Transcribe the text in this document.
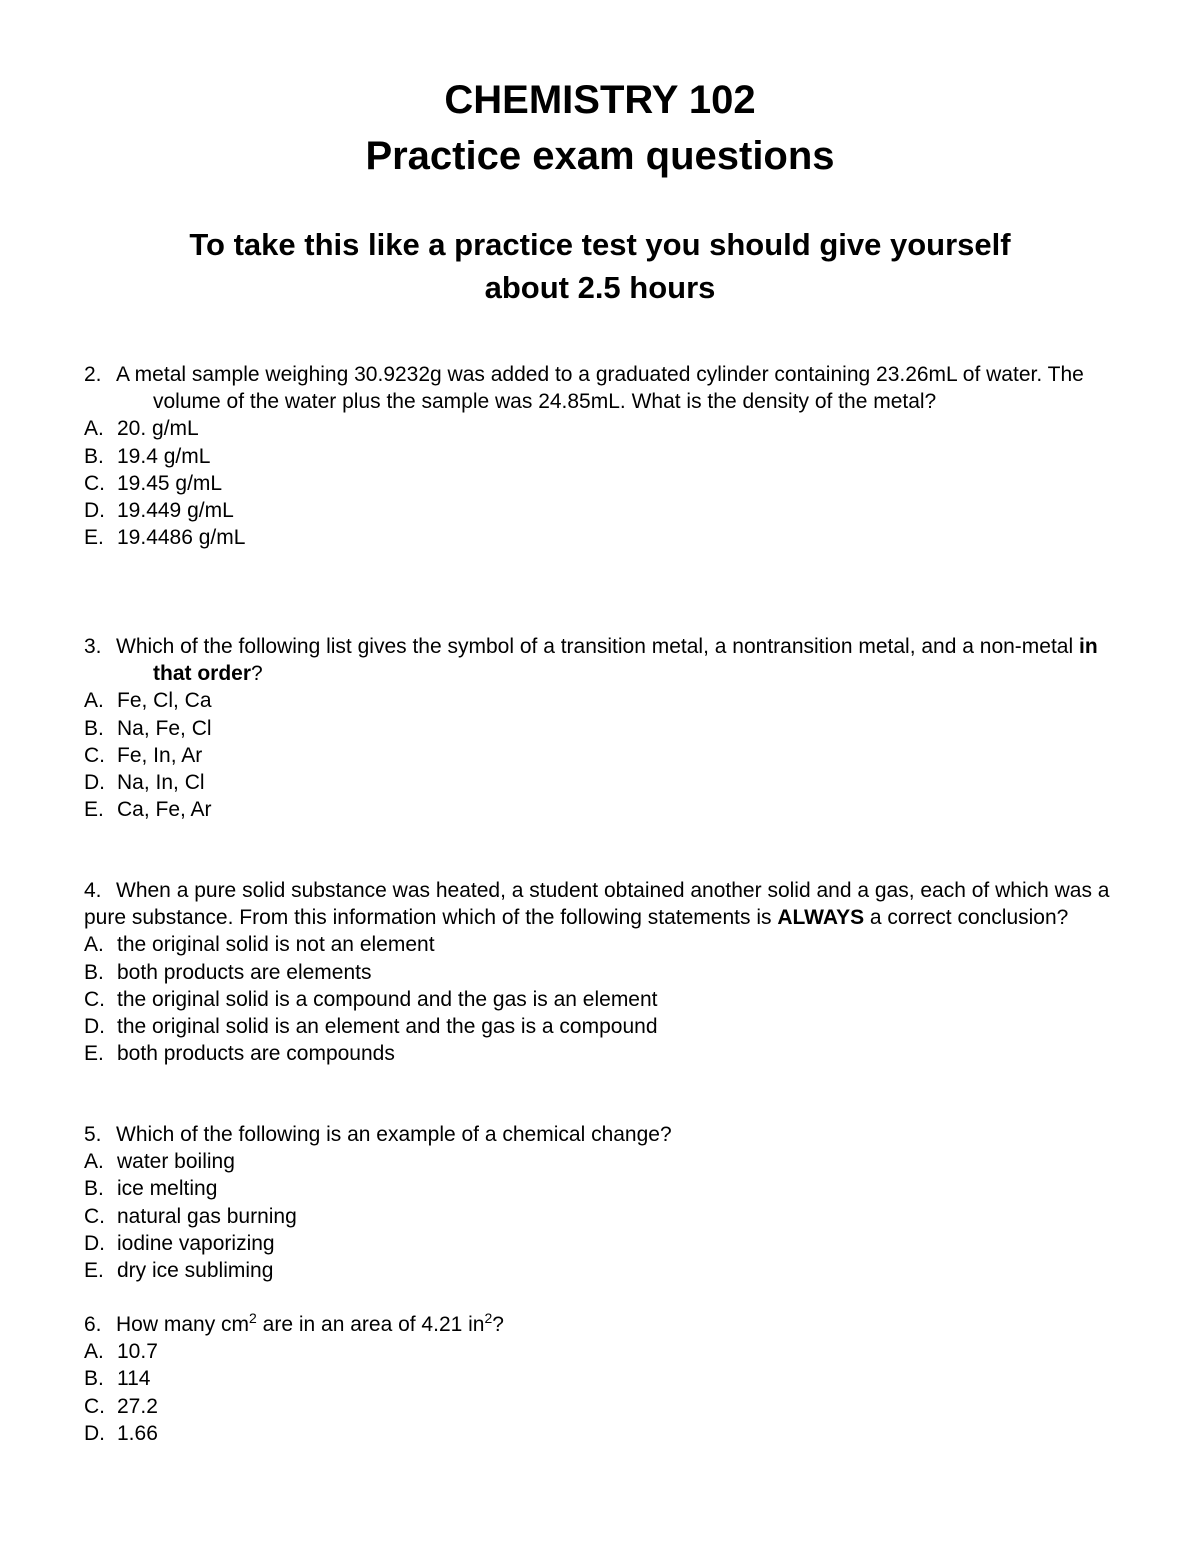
CHEMISTRY 102
Practice exam questions
To take this like a practice test you should give yourself
about 2.5 hours
2. A metal sample weighing 30.9232g was added to a graduated cylinder containing 23.26mL of water. The volume of the water plus the sample was 24.85mL. What is the density of the metal?
A. 20. g/mL
B. 19.4 g/mL
C. 19.45 g/mL
D. 19.449 g/mL
E. 19.4486 g/mL
3. Which of the following list gives the symbol of a transition metal, a nontransition metal, and a non-metal in that order?
A. Fe, Cl, Ca
B. Na, Fe, Cl
C. Fe, In, Ar
D. Na, In, Cl
E. Ca, Fe, Ar
4. When a pure solid substance was heated, a student obtained another solid and a gas, each of which was a pure substance. From this information which of the following statements is ALWAYS a correct conclusion?
A. the original solid is not an element
B. both products are elements
C. the original solid is a compound and the gas is an element
D. the original solid is an element and the gas is a compound
E. both products are compounds
5. Which of the following is an example of a chemical change?
A. water boiling
B. ice melting
C. natural gas burning
D. iodine vaporizing
E. dry ice subliming
6. How many $cm^2$ are in an area of 4.21 $in^2$?
A. 10.7
B. 114
C. 27.2
D. 1.66
